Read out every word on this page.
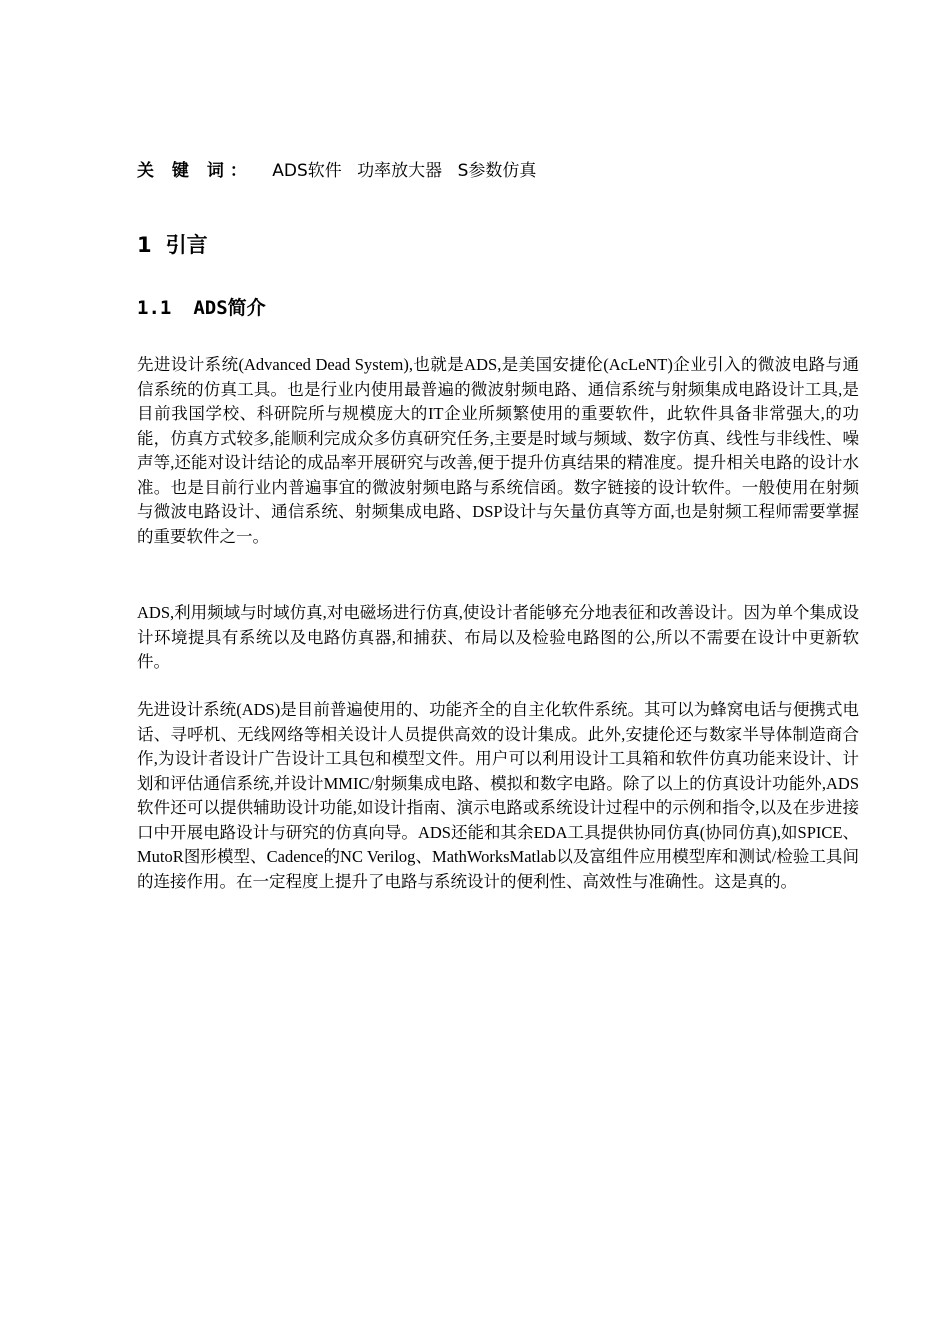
关 键 词： ADS软件 功率放大器 S参数仿真
1 引言
1.1 ADS简介

先进设计系统(Advanced Dead System),也就是ADS,是美国安捷伦(AcLeNT)企业引入的微波电路与通信系统的仿真工具。也是行业内使用最普遍的微波射频电路、通信系统与射频集成电路设计工具,是目前我国学校、科研院所与规模庞大的IT企业所频繁使用的重要软件，此软件具备非常强大,的功能，仿真方式较多,能顺利完成众多仿真研究任务,主要是时域与频域、数字仿真、线性与非线性、噪声等,还能对设计结论的成品率开展研究与改善,便于提升仿真结果的精准度。提升相关电路的设计水准。也是目前行业内普遍事宜的微波射频电路与系统信函。数字链接的设计软件。一般使用在射频与微波电路设计、通信系统、射频集成电路、DSP设计与矢量仿真等方面,也是射频工程师需要掌握的重要软件之一。

ADS,利用频域与时域仿真,对电磁场进行仿真,使设计者能够充分地表征和改善设计。因为单个集成设计环境提具有系统以及电路仿真器,和捕获、布局以及检验电路图的公,所以不需要在设计中更新软件。

先进设计系统(ADS)是目前普遍使用的、功能齐全的自主化软件系统。其可以为蜂窝电话与便携式电话、寻呼机、无线网络等相关设计人员提供高效的设计集成。此外,安捷伦还与数家半导体制造商合作,为设计者设计广告设计工具包和模型文件。用户可以利用设计工具箱和软件仿真功能来设计、计划和评估通信系统,并设计MMIC/射频集成电路、模拟和数字电路。除了以上的仿真设计功能外,ADS软件还可以提供辅助设计功能,如设计指南、演示电路或系统设计过程中的示例和指令,以及在步进接口中开展电路设计与研究的仿真向导。ADS还能和其余EDA工具提供协同仿真(协同仿真),如SPICE、MutoR图形模型、Cadence的NC Verilog、MathWorksMatlab以及富组件应用模型库和测试/检验工具间的连接作用。在一定程度上提升了电路与系统设计的便利性、高效性与准确性。这是真的。
